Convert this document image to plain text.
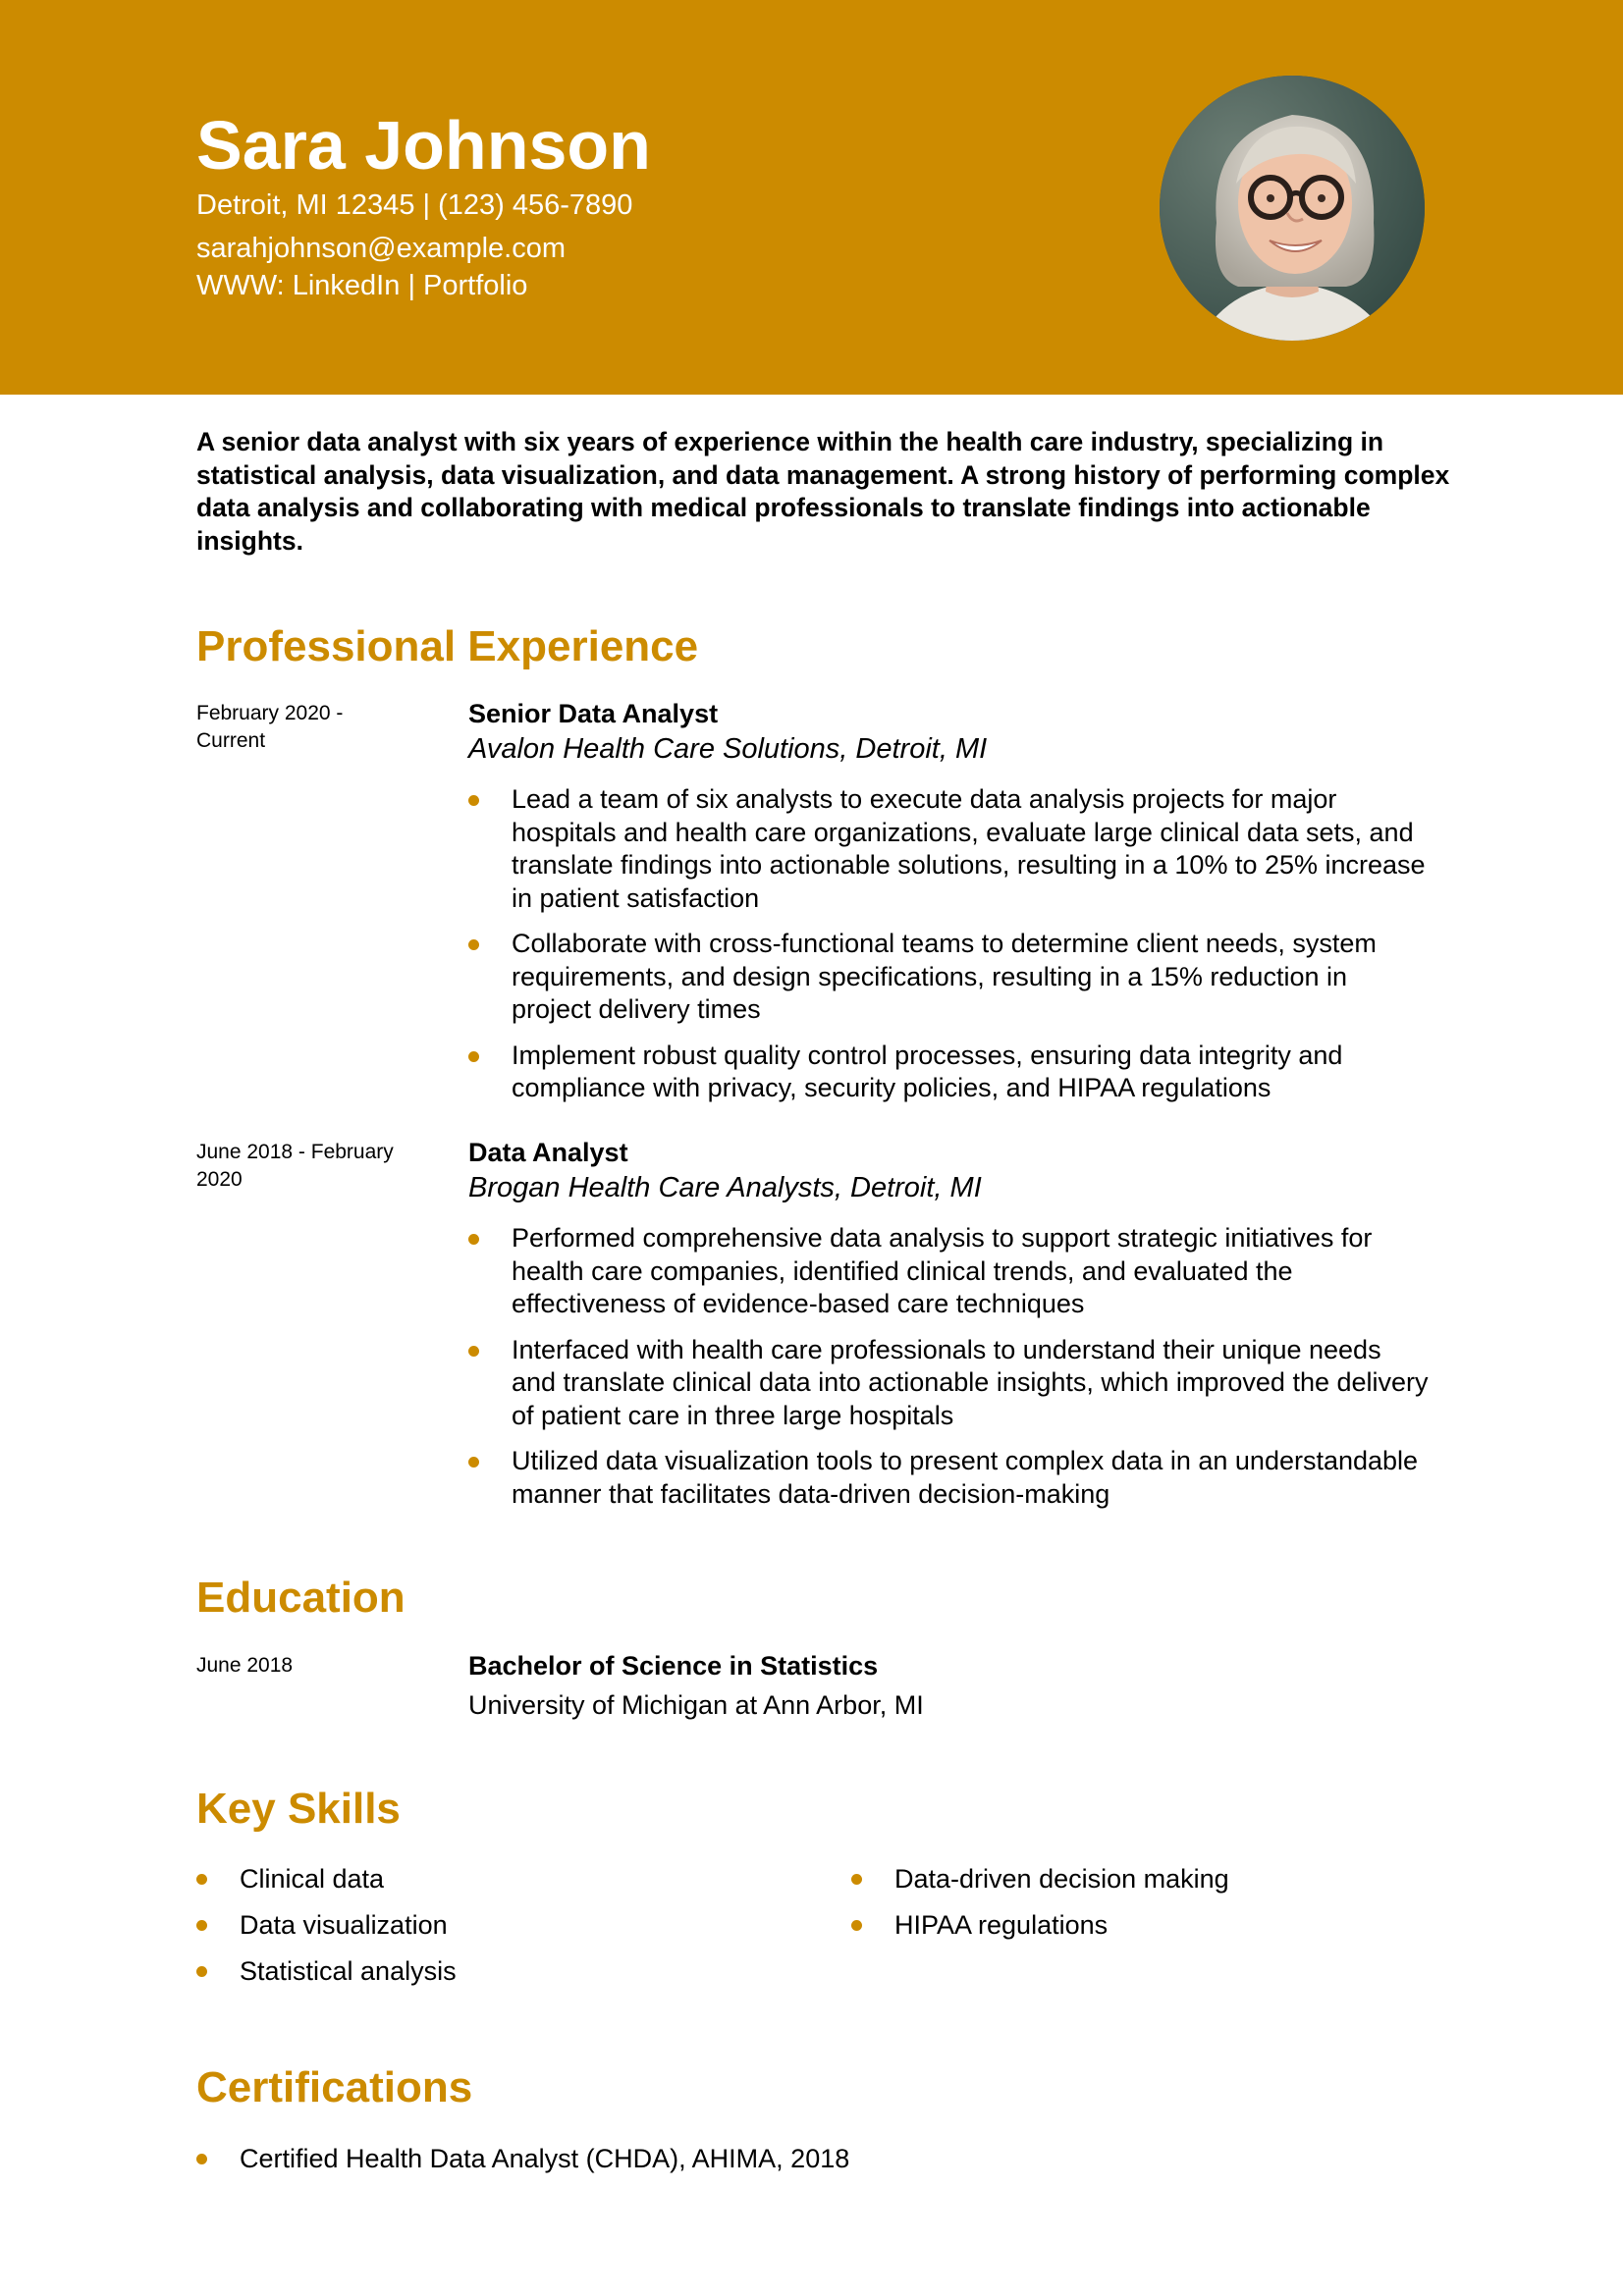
Sara Johnson
Detroit, MI 12345 | (123) 456-7890
sarahjohnson@example.com
WWW: LinkedIn | Portfolio
A senior data analyst with six years of experience within the health care industry, specializing in statistical analysis, data visualization, and data management. A strong history of performing complex data analysis and collaborating with medical professionals to translate findings into actionable insights.
Professional Experience
February 2020 -
Current
Senior Data Analyst
Avalon Health Care Solutions, Detroit, MI
Lead a team of six analysts to execute data analysis projects for major hospitals and health care organizations, evaluate large clinical data sets, and translate findings into actionable solutions, resulting in a 10% to 25% increase in patient satisfaction
Collaborate with cross-functional teams to determine client needs, system requirements, and design specifications, resulting in a 15% reduction in project delivery times
Implement robust quality control processes, ensuring data integrity and compliance with privacy, security policies, and HIPAA regulations
June 2018 - February
2020
Data Analyst
Brogan Health Care Analysts, Detroit, MI
Performed comprehensive data analysis to support strategic initiatives for health care companies, identified clinical trends, and evaluated the effectiveness of evidence-based care techniques
Interfaced with health care professionals to understand their unique needs and translate clinical data into actionable insights, which improved the delivery of patient care in three large hospitals
Utilized data visualization tools to present complex data in an understandable manner that facilitates data-driven decision-making
Education
June 2018	Bachelor of Science in Statistics
University of Michigan at Ann Arbor, MI
Key Skills
Clinical data
Data visualization
Statistical analysis
Data-driven decision making
HIPAA regulations
Certifications
Certified Health Data Analyst (CHDA), AHIMA, 2018
